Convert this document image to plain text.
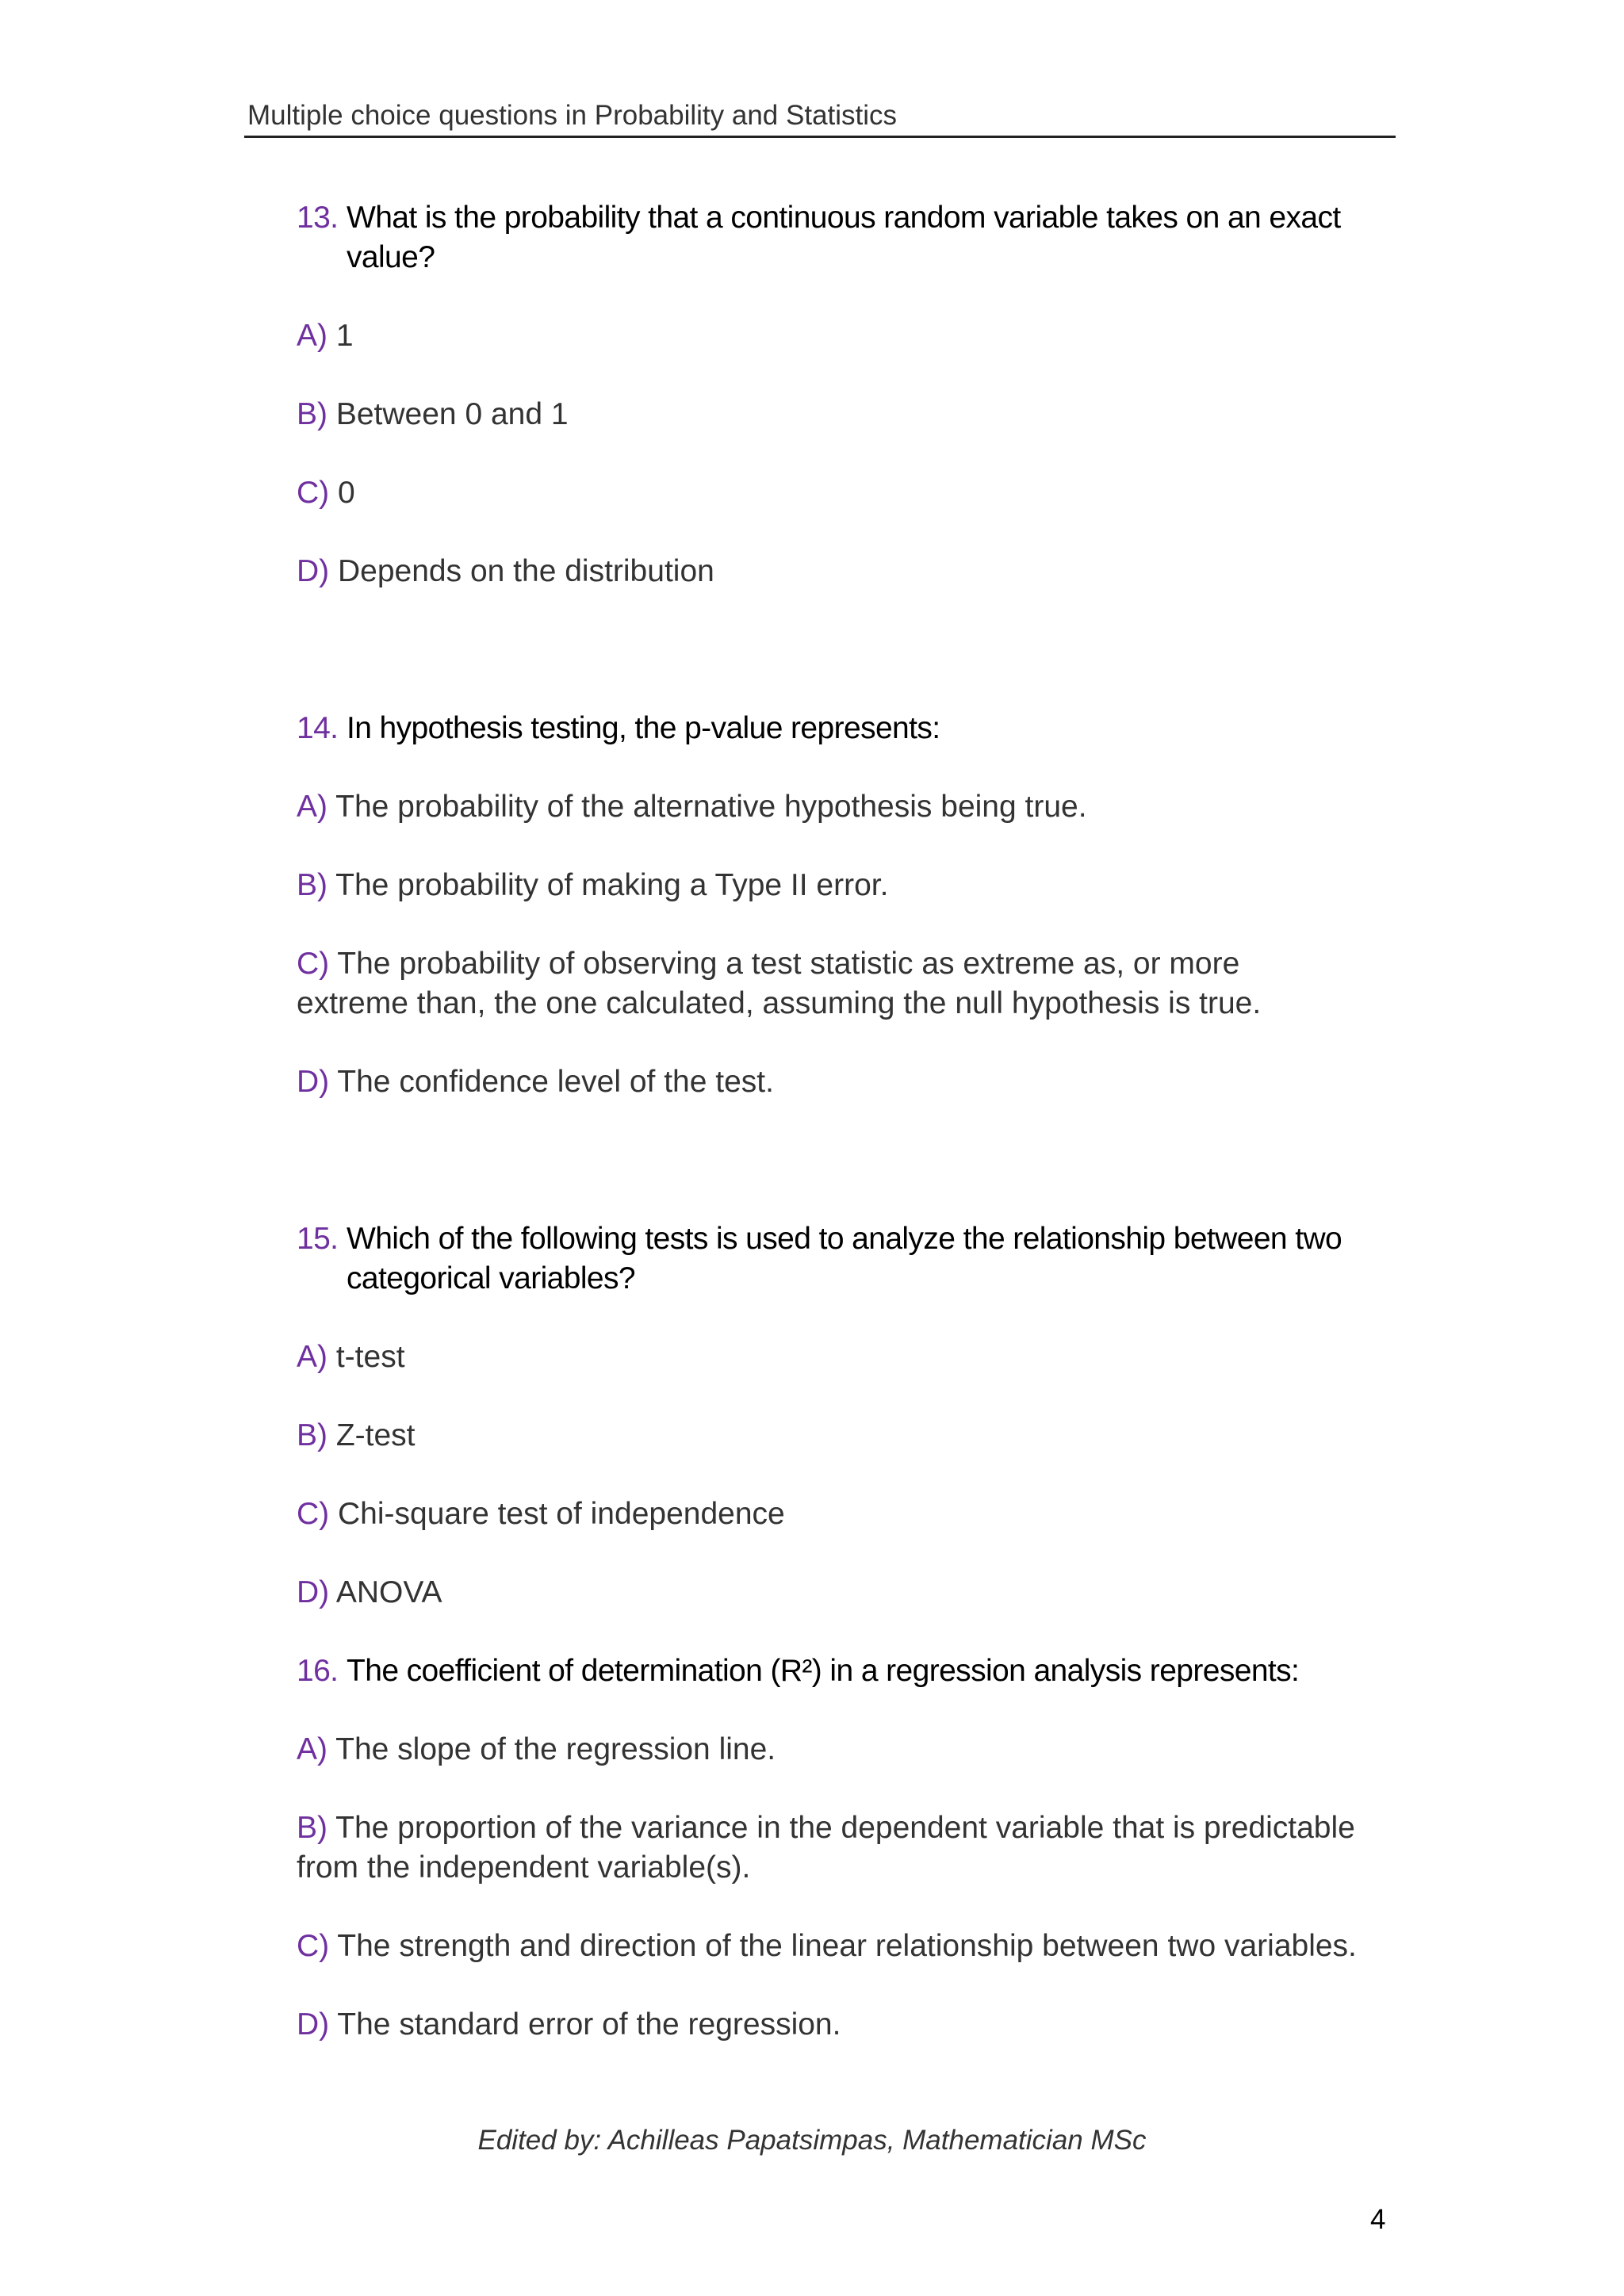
Multiple choice questions in Probability and Statistics
13. What is the probability that a continuous random variable takes on an exact value?
A) 1
B) Between 0 and 1
C) 0
D) Depends on the distribution
14. In hypothesis testing, the p-value represents:
A) The probability of the alternative hypothesis being true.
B) The probability of making a Type II error.
C) The probability of observing a test statistic as extreme as, or more extreme than, the one calculated, assuming the null hypothesis is true.
D) The confidence level of the test.
15. Which of the following tests is used to analyze the relationship between two categorical variables?
A) t-test
B) Z-test
C) Chi-square test of independence
D) ANOVA
16. The coefficient of determination (R²) in a regression analysis represents:
A) The slope of the regression line.
B) The proportion of the variance in the dependent variable that is predictable from the independent variable(s).
C) The strength and direction of the linear relationship between two variables.
D) The standard error of the regression.
Edited by: Achilleas Papatsimpas, Mathematician MSc
4
